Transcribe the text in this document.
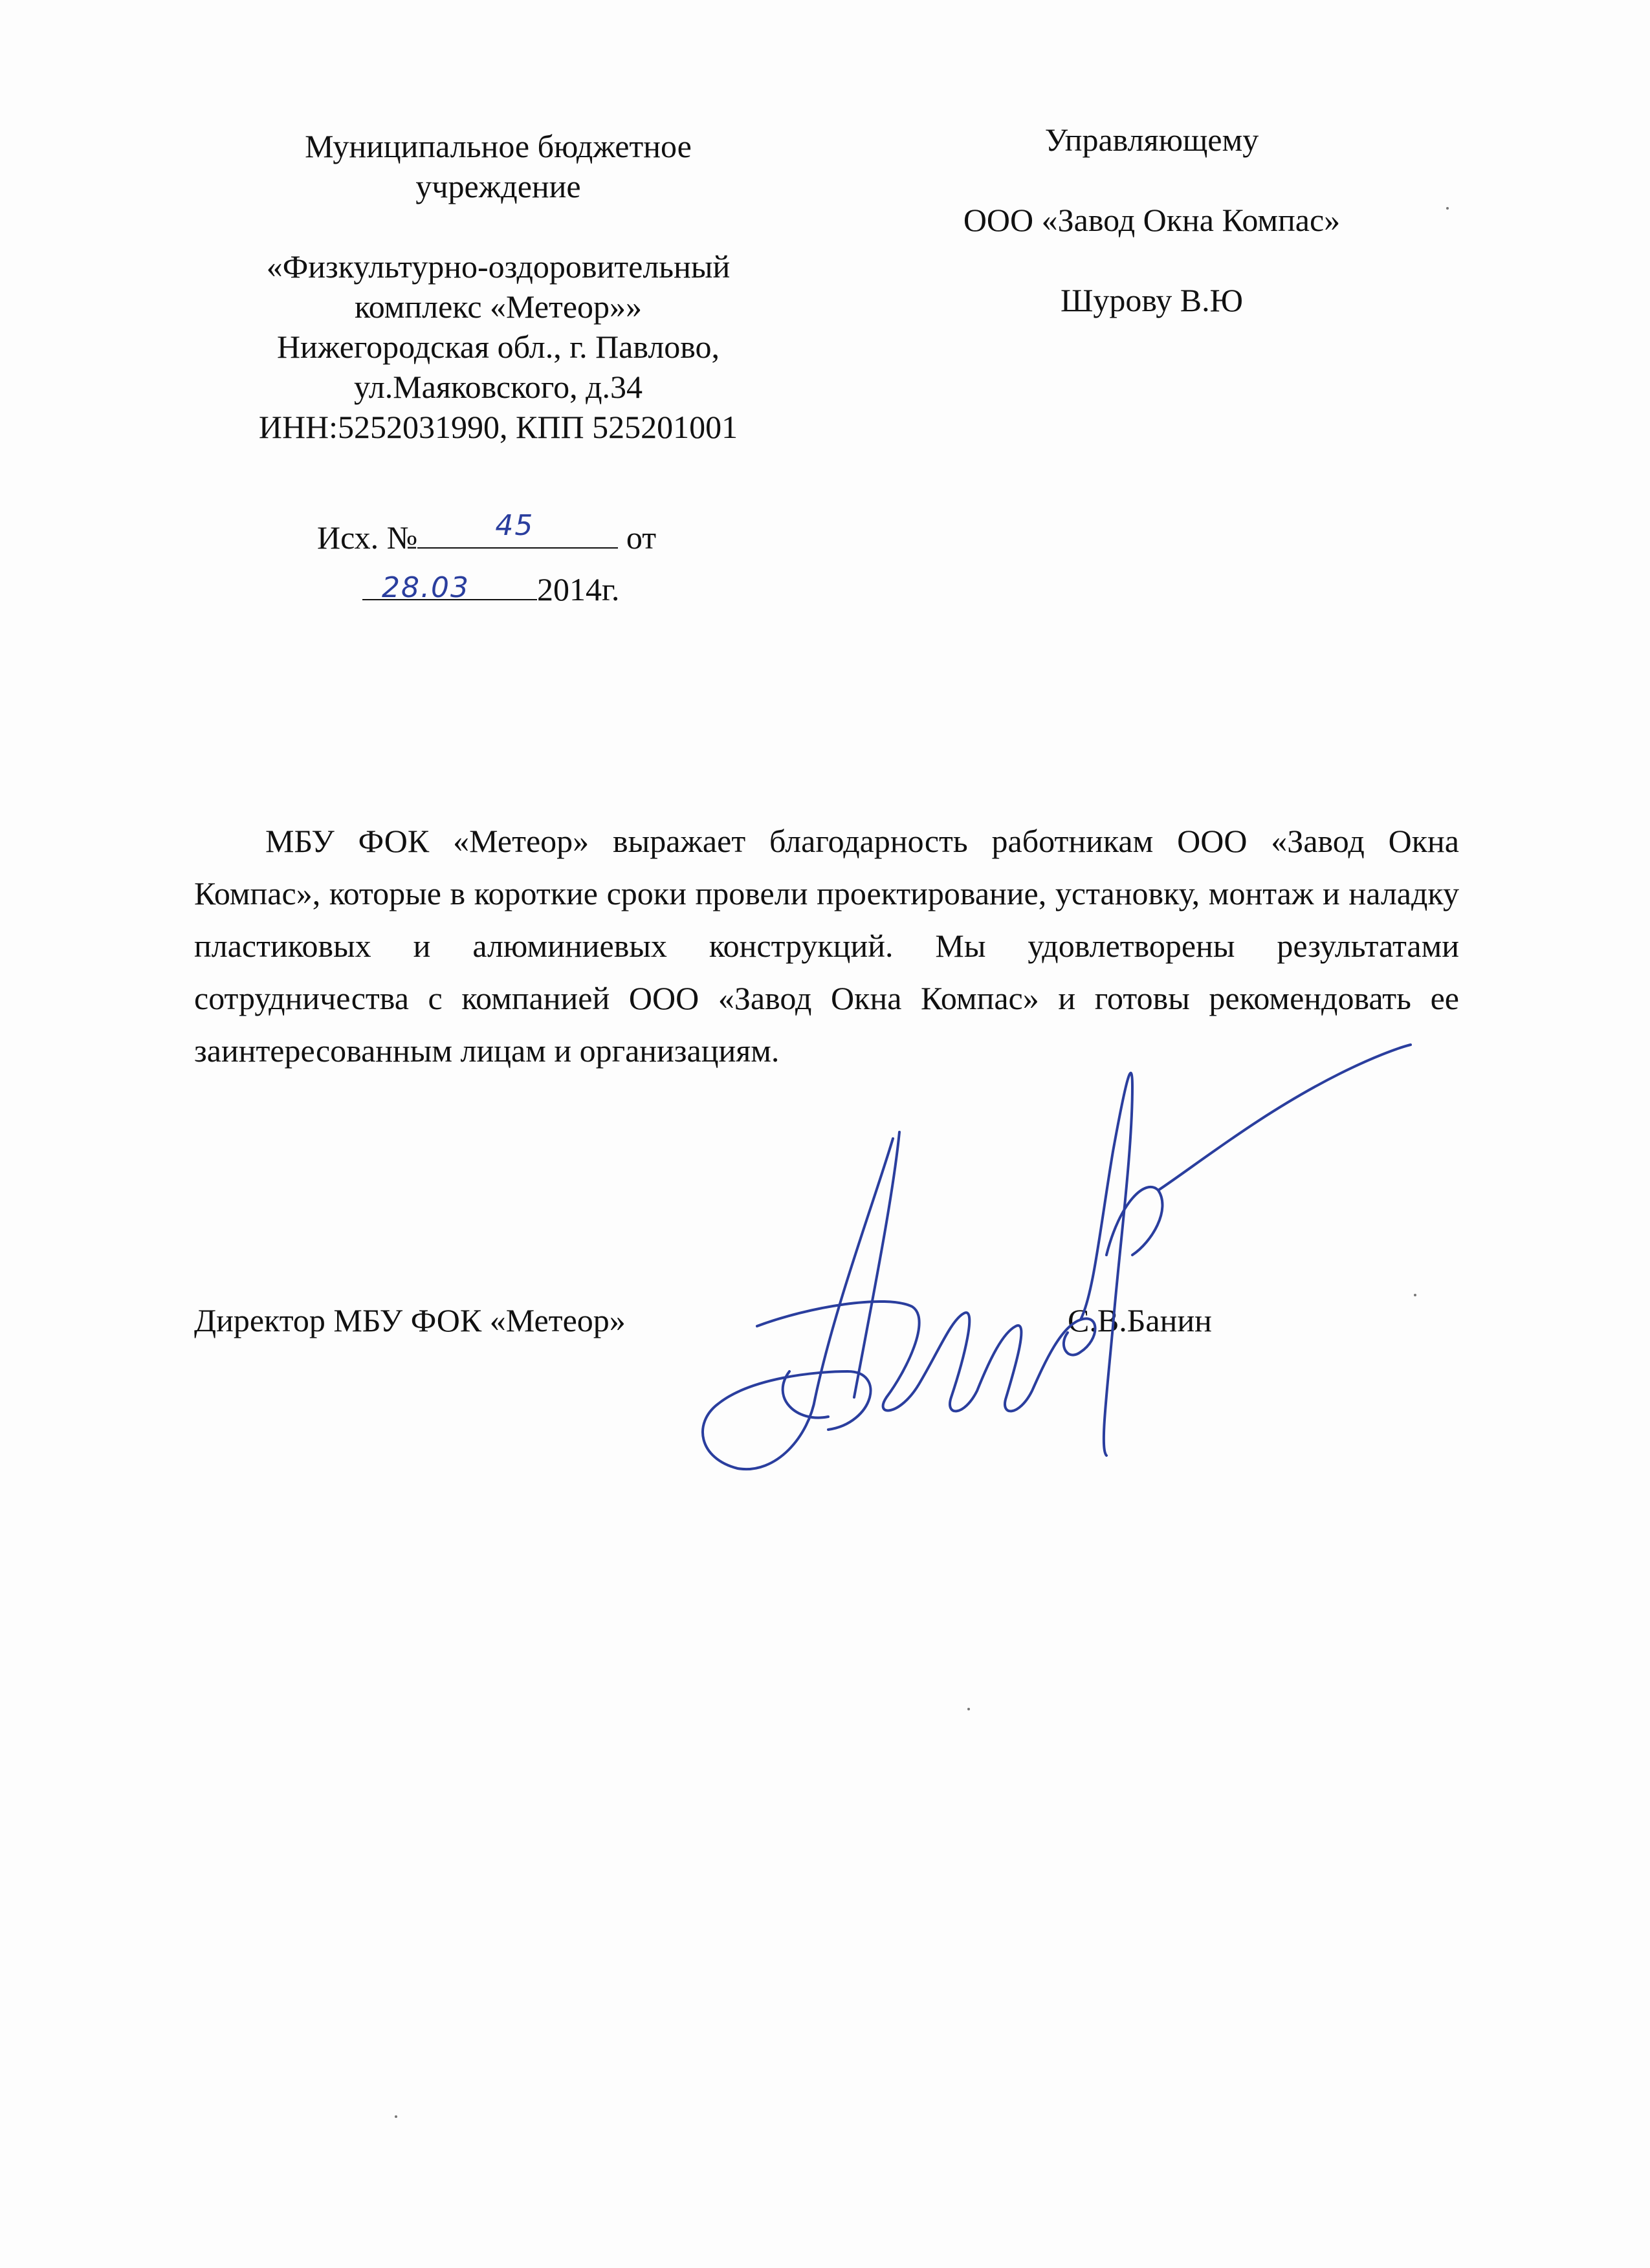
Муниципальное бюджетное
учреждение
«Физкультурно-оздоровительный
комплекс «Метеор»»
Нижегородская обл., г. Павлово,
ул.Маяковского, д.34
ИНН:5252031990, КПП 525201001
Управляющему
ООО «Завод Окна Компас»
Шурову В.Ю
Исх. №	45	от
28.03 2014г.
МБУ ФОК «Метеор» выражает благодарность работникам ООО «Завод Окна Компас», которые в короткие сроки провели проектирование, установку, монтаж и наладку пластиковых и алюминиевых конструкций. Мы удовлетворены результатами сотрудничества с компанией ООО «Завод Окна Компас» и готовы рекомендовать ее заинтересованным лицам и организациям.
Директор МБУ ФОК «Метеор»	С.В.Банин
